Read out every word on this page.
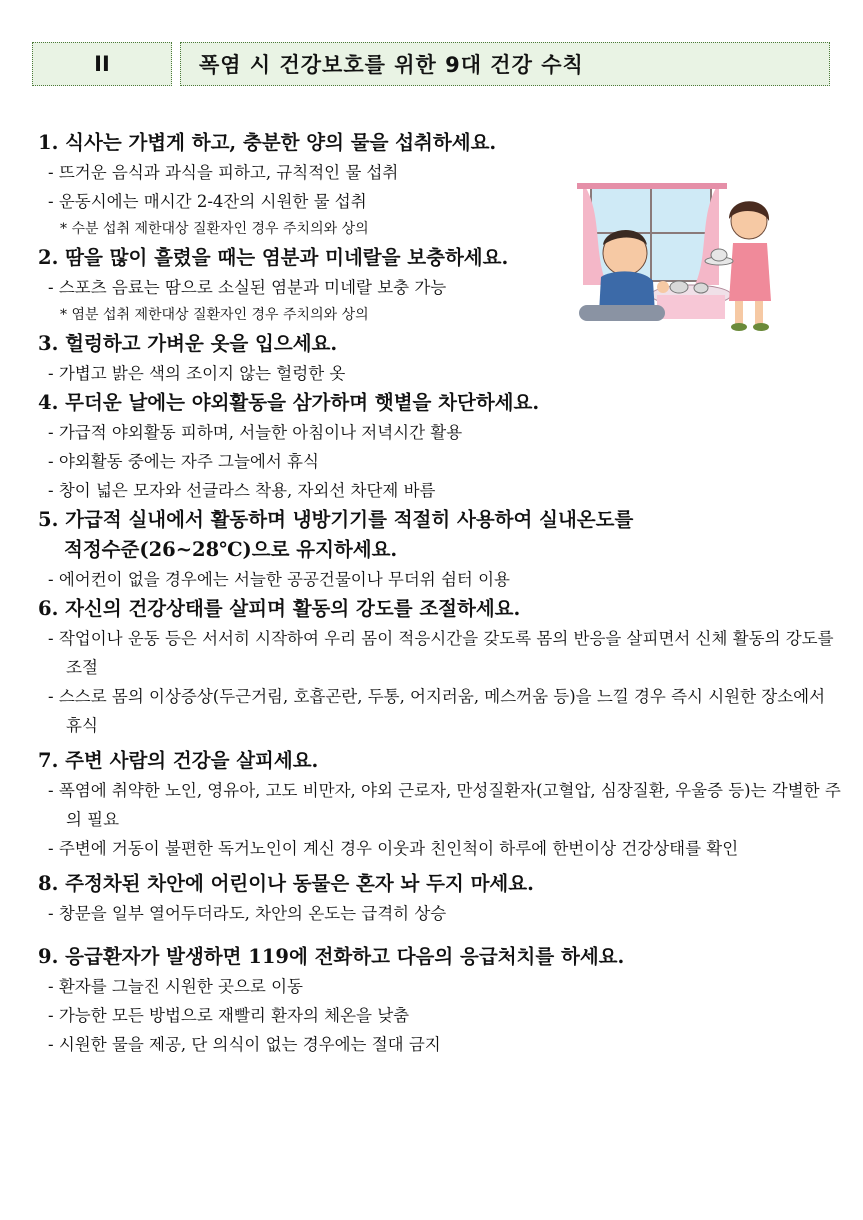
II	폭염 시 건강보호를 위한 9대 건강 수칙

1. 식사는 가볍게 하고, 충분한 양의 물을 섭취하세요.

- 뜨거운 음식과 과식을 피하고, 규칙적인 물 섭취

- 운동시에는 매시간 2-4잔의 시원한 물 섭취

* 수분 섭취 제한대상 질환자인 경우 주치의와 상의

2. 땀을 많이 흘렸을 때는 염분과 미네랄을 보충하세요.

- 스포츠 음료는 땀으로 소실된 염분과 미네랄 보충 가능

* 염분 섭취 제한대상 질환자인 경우 주치의와 상의

3. 헐렁하고 가벼운 옷을 입으세요.

- 가볍고 밝은 색의 조이지 않는 헐렁한 옷

4. 무더운 날에는 야외활동을 삼가하며 햇볕을 차단하세요.

- 가급적 야외활동 피하며, 서늘한 아침이나 저녁시간 활용

- 야외활동 중에는 자주 그늘에서 휴식

- 창이 넓은 모자와 선글라스 착용, 자외선 차단제 바름

5. 가급적 실내에서 활동하며 냉방기기를 적절히 사용하여 실내온도를

적정수준(26~28℃)으로 유지하세요.

- 에어컨이 없을 경우에는 서늘한 공공건물이나 무더위 쉼터 이용

6. 자신의 건강상태를 살피며 활동의 강도를 조절하세요.

- 작업이나 운동 등은 서서히 시작하여 우리 몸이 적응시간을 갖도록 몸의 반응을 살피면서 신체 활동의 강도를 조절

- 스스로 몸의 이상증상(두근거림, 호흡곤란, 두통, 어지러움, 메스꺼움 등)을 느낄 경우 즉시 시원한 장소에서 휴식

7. 주변 사람의 건강을 살피세요.

- 폭염에 취약한 노인, 영유아, 고도 비만자, 야외 근로자, 만성질환자(고혈압, 심장질환, 우울증 등)는 각별한 주의 필요

- 주변에 거동이 불편한 독거노인이 계신 경우 이웃과 친인척이 하루에 한번이상 건강상태를 확인

8. 주정차된 차안에 어린이나 동물은 혼자 놔 두지 마세요.

- 창문을 일부 열어두더라도, 차안의 온도는 급격히 상승

9. 응급환자가 발생하면 119에 전화하고 다음의 응급처치를 하세요.

- 환자를 그늘진 시원한 곳으로 이동

- 가능한 모든 방법으로 재빨리 환자의 체온을 낮춤

- 시원한 물을 제공, 단 의식이 없는 경우에는 절대 금지
